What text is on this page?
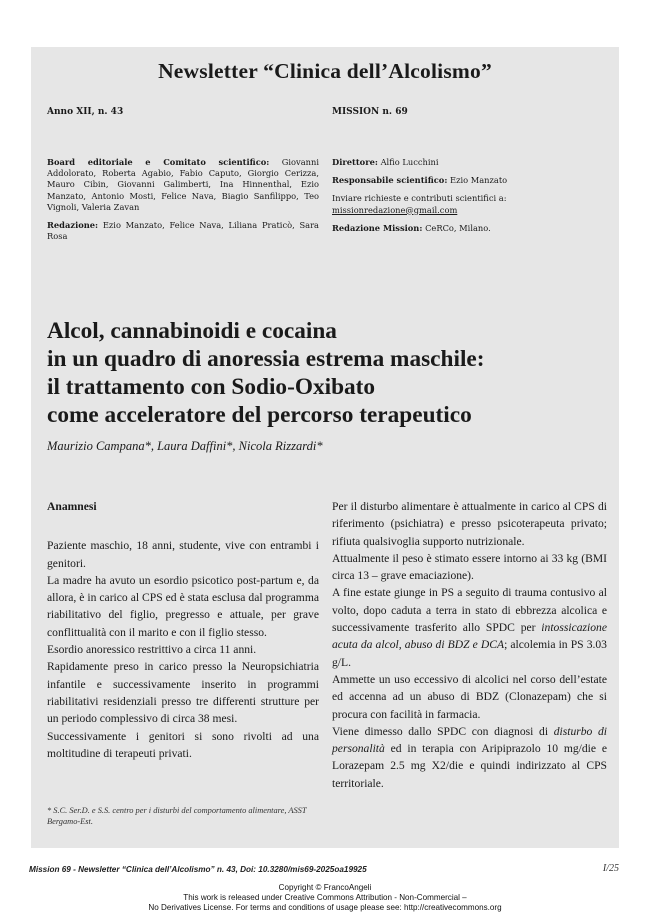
Newsletter “Clinica dell’Alcolismo”
Anno XII, n. 43	MISSION n. 69
Board editoriale e Comitato scientifico: Giovanni Addolorato, Roberta Agabio, Fabio Caputo, Giorgio Cerizza, Mauro Cibin, Giovanni Galimberti, Ina Hinnenthal, Ezio Manzato, Antonio Mosti, Felice Nava, Biagio Sanfilippo, Teo Vignoli, Valeria Zavan
Redazione: Ezio Manzato, Felice Nava, Liliana Praticò, Sara Rosa
Direttore: Alfio Lucchini
Responsabile scientifico: Ezio Manzato
Inviare richieste e contributi scientifici a:
missionredazione@gmail.com
Redazione Mission: CeRCo, Milano.
Alcol, cannabinoidi e cocaina
in un quadro di anoressia estrema maschile:
il trattamento con Sodio-Oxibato
come acceleratore del percorso terapeutico
Maurizio Campana*, Laura Daffini*, Nicola Rizzardi*
Anamnesi

Paziente maschio, 18 anni, studente, vive con entrambi i genitori.

La madre ha avuto un esordio psicotico post-partum e, da allora, è in carico al CPS ed è stata esclusa dal programma riabilitativo del figlio, pregresso e attuale, per grave conflittualità con il marito e con il figlio stesso.

Esordio anoressico restrittivo a circa 11 anni.

Rapidamente preso in carico presso la Neuropsichiatria infantile e successivamente inserito in programmi riabilitativi residenziali presso tre differenti strutture per un periodo complessivo di circa 38 mesi.

Successivamente i genitori si sono rivolti ad una moltitudine di terapeuti privati.

Per il disturbo alimentare è attualmente in carico al CPS di riferimento (psichiatra) e presso psicoterapeuta privato; rifiuta qualsivoglia supporto nutrizionale.

Attualmente il peso è stimato essere intorno ai 33 kg (BMI circa 13 – grave emaciazione).

A fine estate giunge in PS a seguito di trauma contusivo al volto, dopo caduta a terra in stato di ebbrezza alcolica e successivamente trasferito allo SPDC per intossicazione acuta da alcol, abuso di BDZ e DCA; alcolemia in PS 3.03 g/L.

Ammette un uso eccessivo di alcolici nel corso dell’estate ed accenna ad un abuso di BDZ (Clonazepam) che si procura con facilità in farmacia.

Viene dimesso dallo SPDC con diagnosi di disturbo di personalità ed in terapia con Aripiprazolo 10 mg/die e Lorazepam 2.5 mg X2/die e quindi indirizzato al CPS territoriale.

* S.C. Ser.D. e S.S. centro per i disturbi del comportamento alimentare, ASST Bergamo-Est.
Mission 69 - Newsletter “Clinica dell’Alcolismo” n. 43, Doi: 10.3280/mis69-2025oa19925	I/25
Copyright © FrancoAngeli
This work is released under Creative Commons Attribution - Non-Commercial –
No Derivatives License. For terms and conditions of usage please see: http://creativecommons.org
